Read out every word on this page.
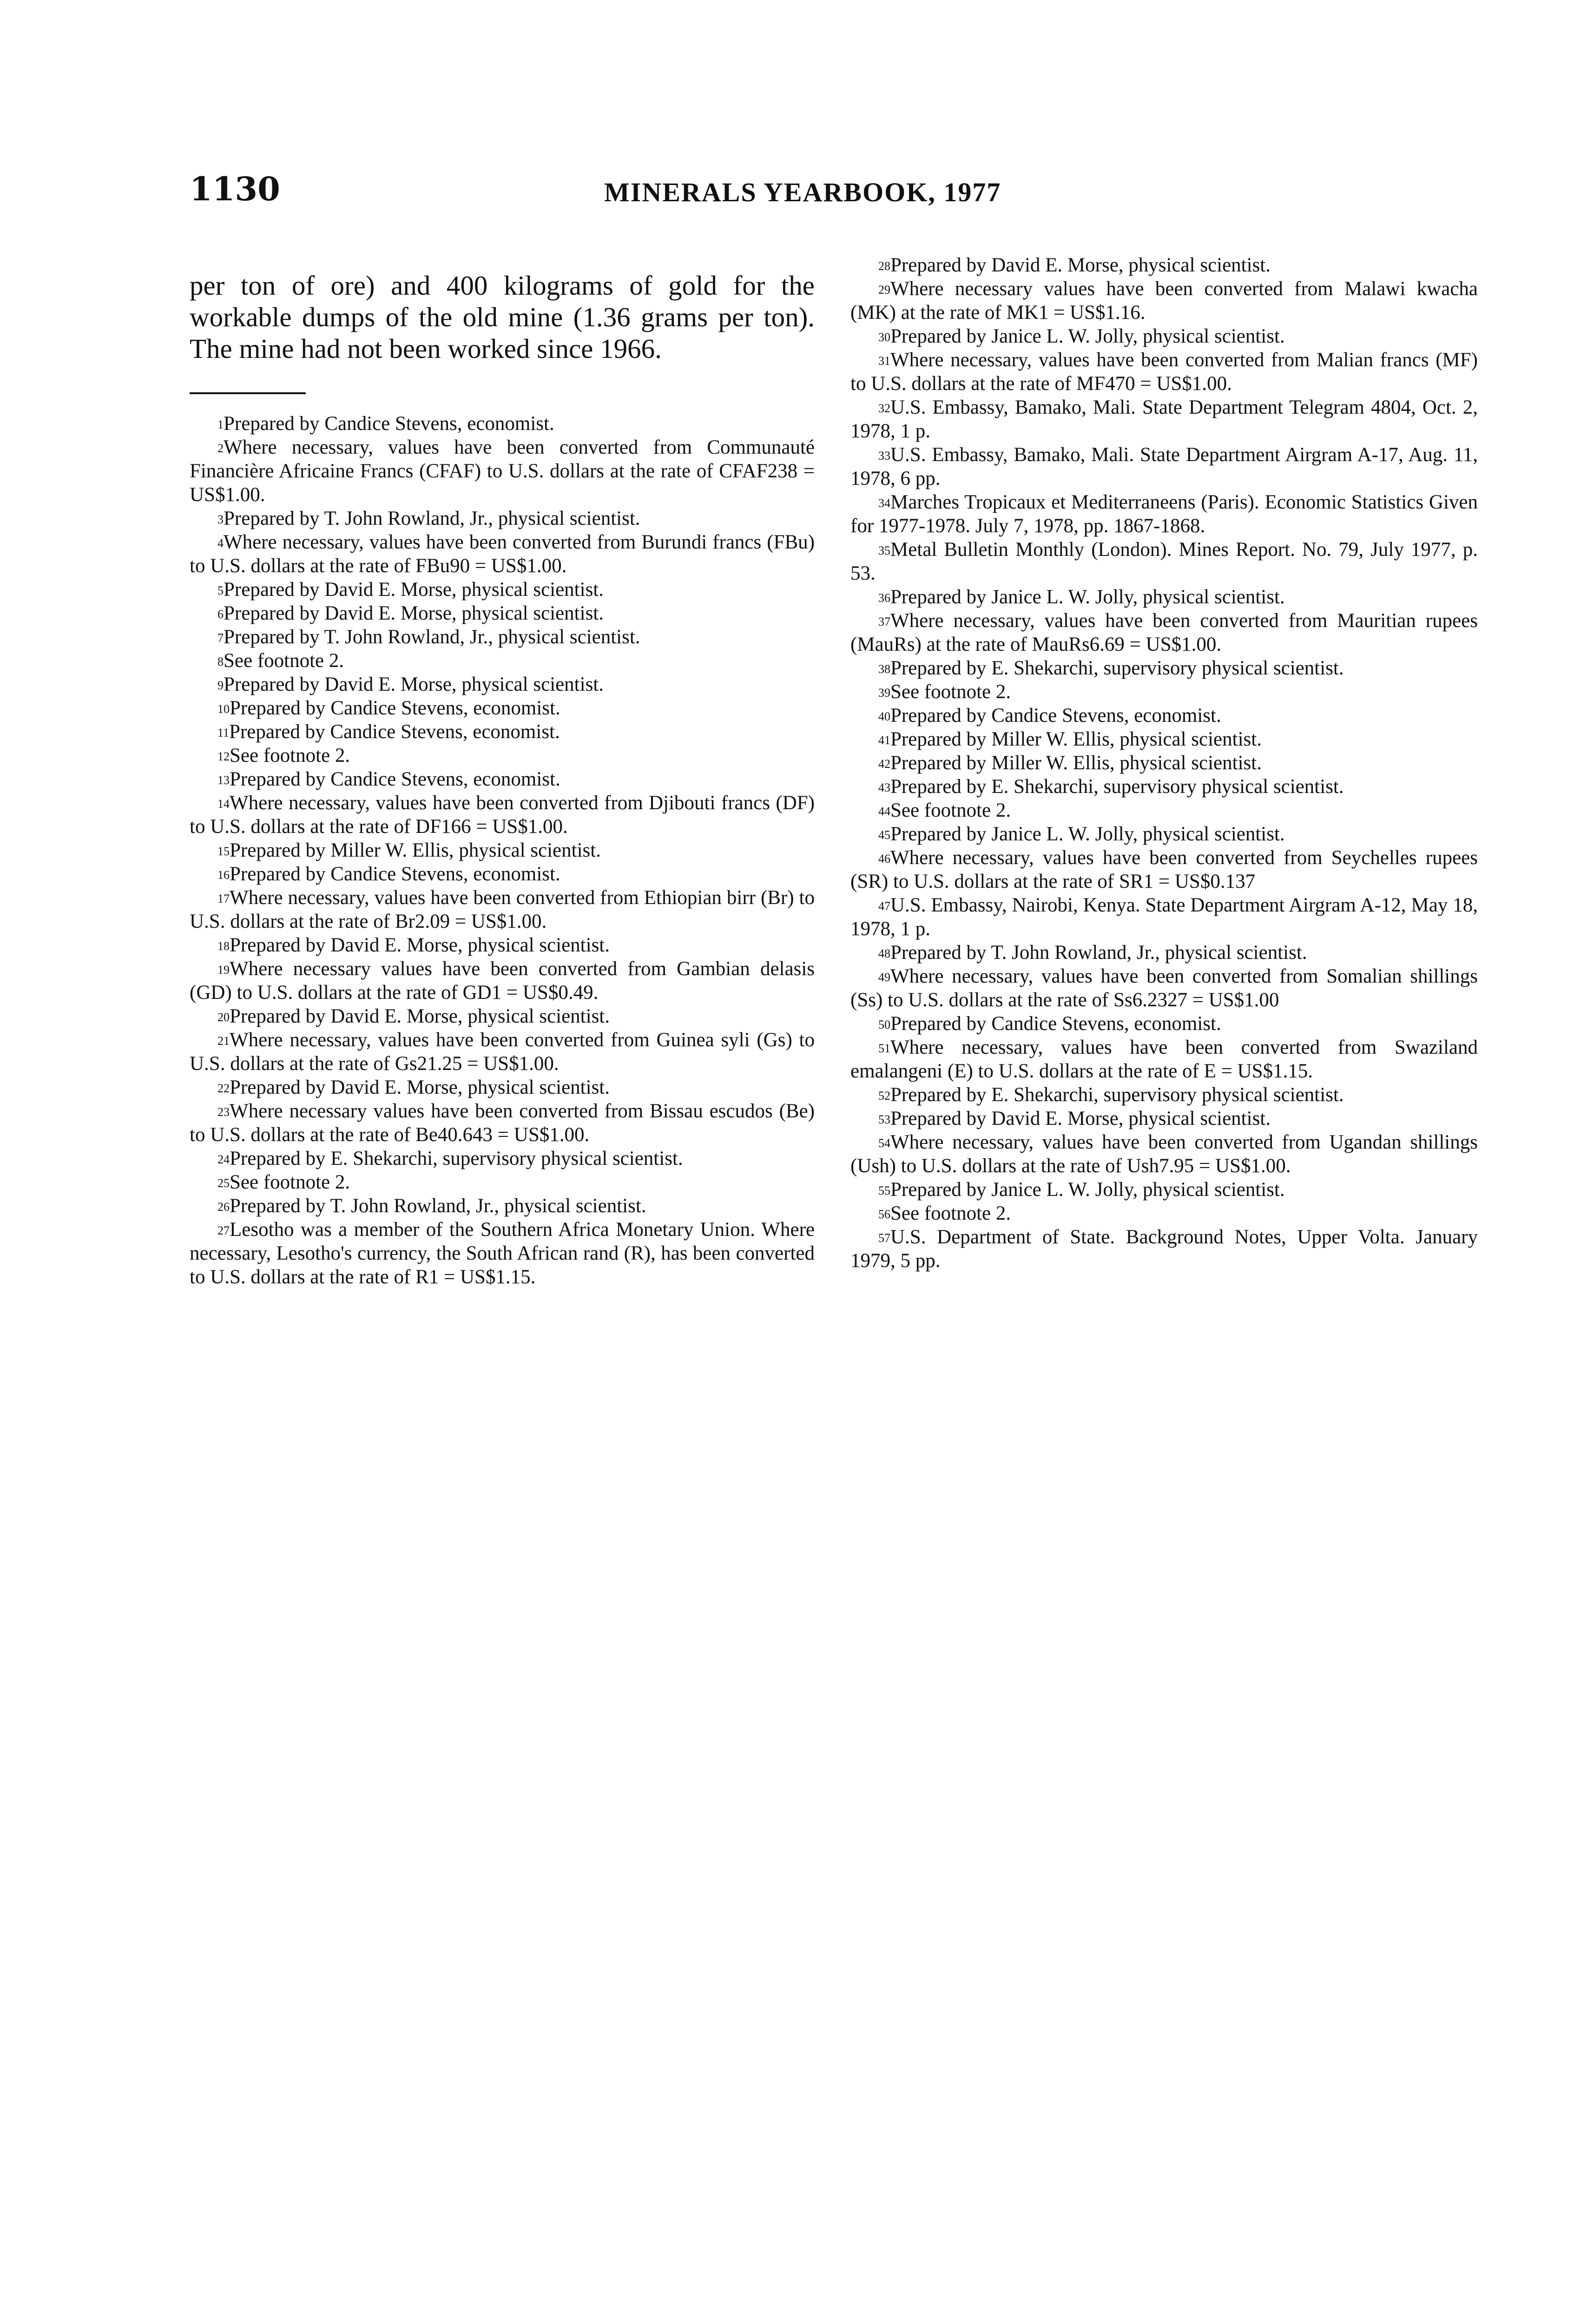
1130	MINERALS YEARBOOK, 1977

per ton of ore) and 400 kilograms of gold for the workable dumps of the old mine (1.36 grams per ton). The mine had not been worked since 1966.

$^1$Prepared by Candice Stevens, economist.

$^2$Where necessary, values have been converted from Communauté Financière Africaine Francs (CFAF) to U.S. dollars at the rate of CFAF238 = US$1.00.

$^3$Prepared by T. John Rowland, Jr., physical scientist.

$^4$Where necessary, values have been converted from Burundi francs (FBu) to U.S. dollars at the rate of FBu90 = US$1.00.

$^5$Prepared by David E. Morse, physical scientist.

$^6$Prepared by David E. Morse, physical scientist.

$^7$Prepared by T. John Rowland, Jr., physical scientist.

$^8$See footnote 2.

$^9$Prepared by David E. Morse, physical scientist.

$^{10}$Prepared by Candice Stevens, economist.

$^{11}$Prepared by Candice Stevens, economist.

$^{12}$See footnote 2.

$^{13}$Prepared by Candice Stevens, economist.

$^{14}$Where necessary, values have been converted from Djibouti francs (DF) to U.S. dollars at the rate of DF166 = US$1.00.

$^{15}$Prepared by Miller W. Ellis, physical scientist.

$^{16}$Prepared by Candice Stevens, economist.

$^{17}$Where necessary, values have been converted from Ethiopian birr (Br) to U.S. dollars at the rate of Br2.09 = US$1.00.

$^{18}$Prepared by David E. Morse, physical scientist.

$^{19}$Where necessary values have been converted from Gambian delasis (GD) to U.S. dollars at the rate of GD1 = US$0.49.

$^{20}$Prepared by David E. Morse, physical scientist.

$^{21}$Where necessary, values have been converted from Guinea syli (Gs) to U.S. dollars at the rate of Gs21.25 = US$1.00.

$^{22}$Prepared by David E. Morse, physical scientist.

$^{23}$Where necessary values have been converted from Bissau escudos (Be) to U.S. dollars at the rate of Be40.643 = US$1.00.

$^{24}$Prepared by E. Shekarchi, supervisory physical scientist.

$^{25}$See footnote 2.

$^{26}$Prepared by T. John Rowland, Jr., physical scientist.

$^{27}$Lesotho was a member of the Southern Africa Monetary Union. Where necessary, Lesotho's currency, the South African rand (R), has been converted to U.S. dollars at the rate of R1 = US$1.15.

$^{28}$Prepared by David E. Morse, physical scientist.

$^{29}$Where necessary values have been converted from Malawi kwacha (MK) at the rate of MK1 = US$1.16.

$^{30}$Prepared by Janice L. W. Jolly, physical scientist.

$^{31}$Where necessary, values have been converted from Malian francs (MF) to U.S. dollars at the rate of MF470 = US$1.00.

$^{32}$U.S. Embassy, Bamako, Mali. State Department Telegram 4804, Oct. 2, 1978, 1 p.

$^{33}$U.S. Embassy, Bamako, Mali. State Department Airgram A-17, Aug. 11, 1978, 6 pp.

$^{34}$Marches Tropicaux et Mediterraneens (Paris). Economic Statistics Given for 1977-1978. July 7, 1978, pp. 1867-1868.

$^{35}$Metal Bulletin Monthly (London). Mines Report. No. 79, July 1977, p. 53.

$^{36}$Prepared by Janice L. W. Jolly, physical scientist.

$^{37}$Where necessary, values have been converted from Mauritian rupees (MauRs) at the rate of MauRs6.69 = US$1.00.

$^{38}$Prepared by E. Shekarchi, supervisory physical scientist.

$^{39}$See footnote 2.

$^{40}$Prepared by Candice Stevens, economist.

$^{41}$Prepared by Miller W. Ellis, physical scientist.

$^{42}$Prepared by Miller W. Ellis, physical scientist.

$^{43}$Prepared by E. Shekarchi, supervisory physical scientist.

$^{44}$See footnote 2.

$^{45}$Prepared by Janice L. W. Jolly, physical scientist.

$^{46}$Where necessary, values have been converted from Seychelles rupees (SR) to U.S. dollars at the rate of SR1 = US$0.137

$^{47}$U.S. Embassy, Nairobi, Kenya. State Department Airgram A-12, May 18, 1978, 1 p.

$^{48}$Prepared by T. John Rowland, Jr., physical scientist.

$^{49}$Where necessary, values have been converted from Somalian shillings (Ss) to U.S. dollars at the rate of Ss6.2327 = US$1.00

$^{50}$Prepared by Candice Stevens, economist.

$^{51}$Where necessary, values have been converted from Swaziland emalangeni (E) to U.S. dollars at the rate of E = US$1.15.

$^{52}$Prepared by E. Shekarchi, supervisory physical scientist.

$^{53}$Prepared by David E. Morse, physical scientist.

$^{54}$Where necessary, values have been converted from Ugandan shillings (Ush) to U.S. dollars at the rate of Ush7.95 = US$1.00.

$^{55}$Prepared by Janice L. W. Jolly, physical scientist.

$^{56}$See footnote 2.

$^{57}$U.S. Department of State. Background Notes, Upper Volta. January 1979, 5 pp.
